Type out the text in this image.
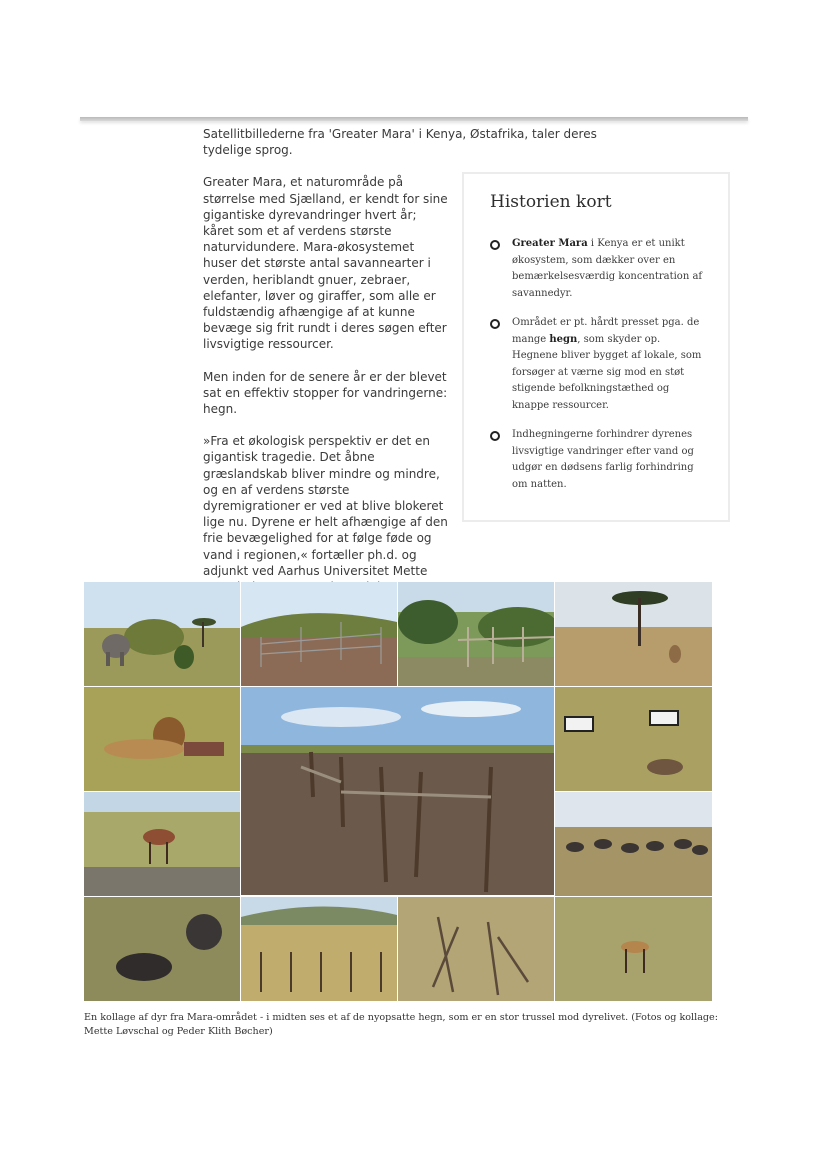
Satellitbillederne fra 'Greater Mara' i Kenya, Østafrika, taler deres tydelige sprog.

Greater Mara, et naturområde på størrelse med Sjælland, er kendt for sine gigantiske dyrevandringer hvert år; kåret som et af verdens største naturvidundere. Mara-økosystemet huser det største antal savannearter i verden, heriblandt gnuer, zebraer, elefanter, løver og giraffer, som alle er fuldstændig afhængige af at kunne bevæge sig frit rundt i deres søgen efter livsvigtige ressourcer.

Men inden for de senere år er der blevet sat en effektiv stopper for vandringerne: hegn.

»Fra et økologisk perspektiv er det en gigantisk tragedie. Det åbne græslandskab bliver mindre og mindre, og en af verdens største dyremigrationer er ved at blive blokeret lige nu. Dyrene er helt afhængige af den frie bevægelighed for at følge føde og vand i regionen,« fortæller ph.d. og adjunkt ved Aarhus Universitet Mette

Historien kort
Greater Mara i Kenya er et unikt økosystem, som dækker over en bemærkelsesværdig koncentration af savannedyr.
Området er pt. hårdt presset pga. de mange hegn, som skyder op. Hegnene bliver bygget af lokale, som forsøger at værne sig mod en støt stigende befolkningstæthed og knappe ressourcer.
Indhegningerne forhindrer dyrenes livsvigtige vandringer efter vand og udgør en dødsens farlig forhindring om natten.
En kollage af dyr fra Mara-området - i midten ses et af de nyopsatte hegn, som er en stor trussel mod dyrelivet. (Fotos og kollage: Mette Løvschal og Peder Klith Bøcher)
